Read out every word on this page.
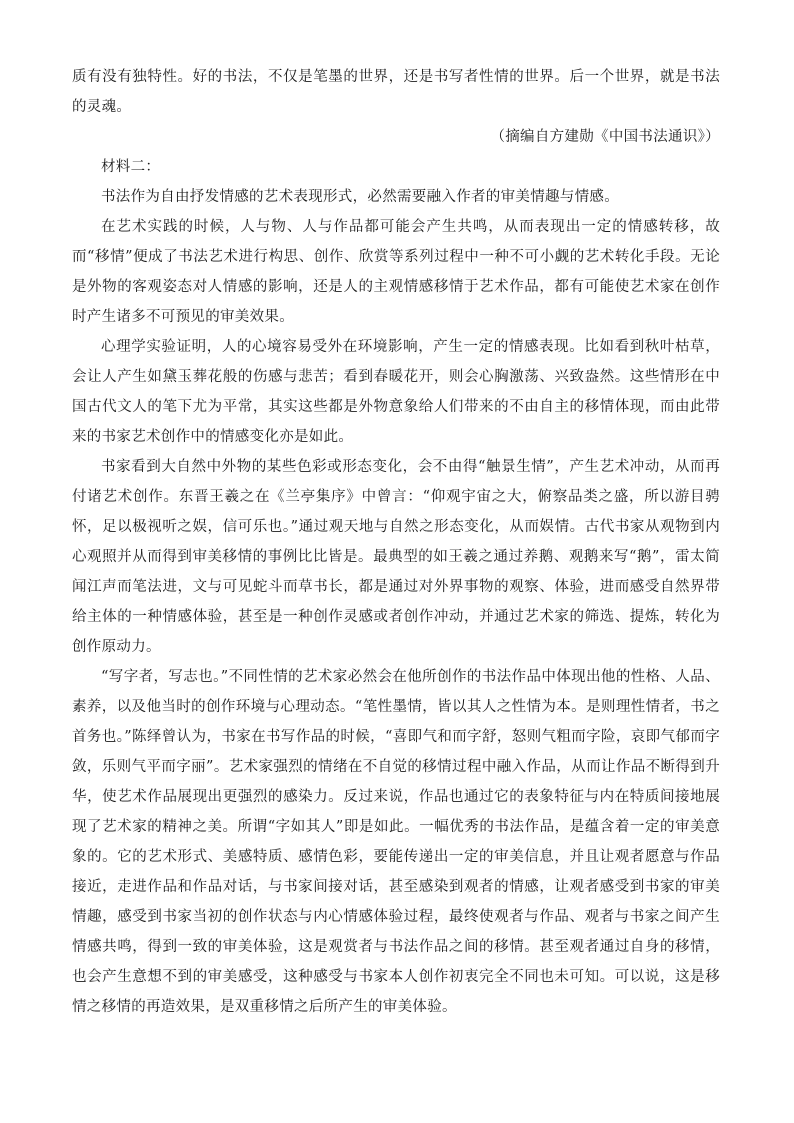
质有没有独特性。好的书法，不仅是笔墨的世界，还是书写者性情的世界。后一个世界，就是书法的灵魂。

（摘编自方建勋《中国书法通识》）

材料二：

书法作为自由抒发情感的艺术表现形式，必然需要融入作者的审美情趣与情感。

在艺术实践的时候，人与物、人与作品都可能会产生共鸣，从而表现出一定的情感转移，故而“移情”便成了书法艺术进行构思、创作、欣赏等系列过程中一种不可小觑的艺术转化手段。无论是外物的客观姿态对人情感的影响，还是人的主观情感移情于艺术作品，都有可能使艺术家在创作时产生诸多不可预见的审美效果。

心理学实验证明，人的心境容易受外在环境影响，产生一定的情感表现。比如看到秋叶枯草，会让人产生如黛玉葬花般的伤感与悲苦；看到春暖花开，则会心胸激荡、兴致盎然。这些情形在中国古代文人的笔下尤为平常，其实这些都是外物意象给人们带来的不由自主的移情体现，而由此带来的书家艺术创作中的情感变化亦是如此。

书家看到大自然中外物的某些色彩或形态变化，会不由得“触景生情”，产生艺术冲动，从而再付诸艺术创作。东晋王羲之在《兰亭集序》中曾言：“仰观宇宙之大，俯察品类之盛，所以游目骋怀，足以极视听之娱，信可乐也。”通过观天地与自然之形态变化，从而娱情。古代书家从观物到内心观照并从而得到审美移情的事例比比皆是。最典型的如王羲之通过养鹅、观鹅来写“鹅”，雷太简闻江声而笔法进，文与可见蛇斗而草书长，都是通过对外界事物的观察、体验，进而感受自然界带给主体的一种情感体验，甚至是一种创作灵感或者创作冲动，并通过艺术家的筛选、提炼，转化为创作原动力。

“写字者，写志也。”不同性情的艺术家必然会在他所创作的书法作品中体现出他的性格、人品、素养，以及他当时的创作环境与心理动态。“笔性墨情，皆以其人之性情为本。是则理性情者，书之首务也。”陈绎曾认为，书家在书写作品的时候，“喜即气和而字舒，怒则气粗而字险，哀即气郁而字敛，乐则气平而字丽”。艺术家强烈的情绪在不自觉的移情过程中融入作品，从而让作品不断得到升华，使艺术作品展现出更强烈的感染力。反过来说，作品也通过它的表象特征与内在特质间接地展现了艺术家的精神之美。所谓“字如其人”即是如此。一幅优秀的书法作品，是蕴含着一定的审美意象的。它的艺术形式、美感特质、感情色彩，要能传递出一定的审美信息，并且让观者愿意与作品接近，走进作品和作品对话，与书家间接对话，甚至感染到观者的情感，让观者感受到书家的审美情趣，感受到书家当初的创作状态与内心情感体验过程，最终使观者与作品、观者与书家之间产生情感共鸣，得到一致的审美体验，这是观赏者与书法作品之间的移情。甚至观者通过自身的移情，也会产生意想不到的审美感受，这种感受与书家本人创作初衷完全不同也未可知。可以说，这是移情之移情的再造效果，是双重移情之后所产生的审美体验。
